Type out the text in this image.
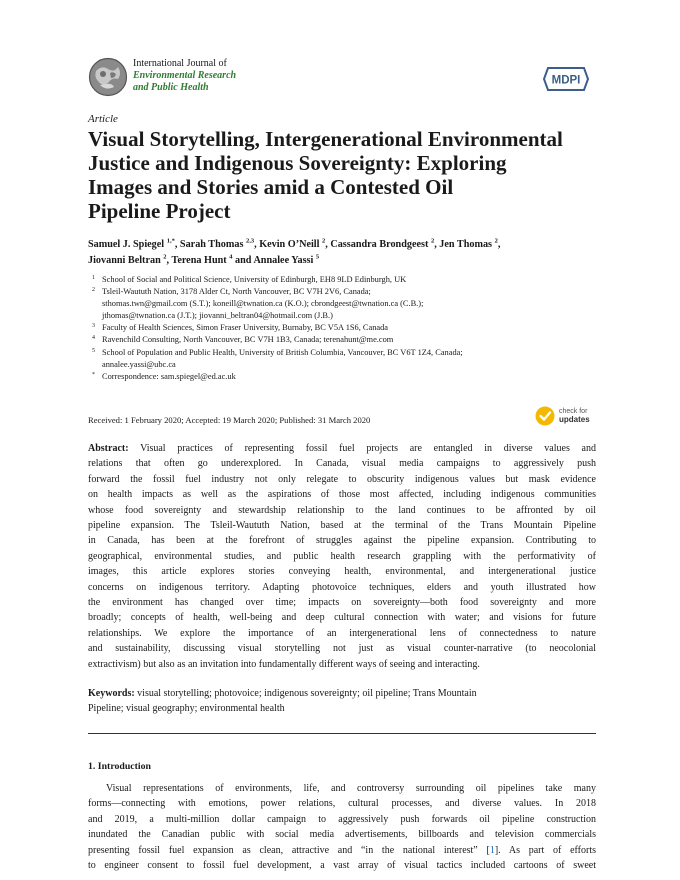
International Journal of
Environmental Research
and Public Health
MDPI
Article
Visual Storytelling, Intergenerational Environmental
Justice and Indigenous Sovereignty: Exploring
Images and Stories amid a Contested Oil
Pipeline Project
Samuel J. Spiegel $^{1,*}$, Sarah Thomas $^{2,3}$, Kevin O’Neill $^2$, Cassandra Brondgeest $^2$, Jen Thomas $^2$,
Jiovanni Beltran $^2$, Terena Hunt $^4$ and Annalee Yassi $^5$
1 School of Social and Political Science, University of Edinburgh, EH8 9LD Edinburgh, UK
2 Tsleil-Waututh Nation, 3178 Alder Ct, North Vancouver, BC V7H 2V6, Canada;
sthomas.twn@gmail.com (S.T.); koneill@twnation.ca (K.O.); cbrondgeest@twnation.ca (C.B.);
jthomas@twnation.ca (J.T.); jiovanni_beltran04@hotmail.com (J.B.)
3 Faculty of Health Sciences, Simon Fraser University, Burnaby, BC V5A 1S6, Canada
4 Ravenchild Consulting, North Vancouver, BC V7H 1B3, Canada; terenahunt@me.com
5 School of Population and Public Health, University of British Columbia, Vancouver, BC V6T 1Z4, Canada;
annalee.yassi@ubc.ca
* Correspondence: sam.spiegel@ed.ac.uk
Received: 1 February 2020; Accepted: 19 March 2020; Published: 31 March 2020
check for
updates
Abstract: Visual practices of representing fossil fuel projects are entangled in diverse values and
relations that often go underexplored. In Canada, visual media campaigns to aggressively push
forward the fossil fuel industry not only relegate to obscurity indigenous values but mask evidence
on health impacts as well as the aspirations of those most affected, including indigenous communities
whose food sovereignty and stewardship relationship to the land continues to be affronted by oil
pipeline expansion. The Tsleil-Waututh Nation, based at the terminal of the Trans Mountain Pipeline
in Canada, has been at the forefront of struggles against the pipeline expansion. Contributing to
geographical, environmental studies, and public health research grappling with the performativity of
images, this article explores stories conveying health, environmental, and intergenerational justice
concerns on indigenous territory. Adapting photovoice techniques, elders and youth illustrated how
the environment has changed over time; impacts on sovereignty—both food sovereignty and more
broadly; concepts of health, well-being and deep cultural connection with water; and visions for future
relationships. We explore the importance of an intergenerational lens of connectedness to nature
and sustainability, discussing visual storytelling not just as visual counter-narrative (to neocolonial
extractivism) but also as an invitation into fundamentally different ways of seeing and interacting.
Keywords: visual storytelling; photovoice; indigenous sovereignty; oil pipeline; Trans Mountain
Pipeline; visual geography; environmental health
1. Introduction
Visual representations of environments, life, and controversy surrounding oil pipelines take many
forms—connecting with emotions, power relations, cultural processes, and diverse values. In 2018
and 2019, a multi-million dollar campaign to aggressively push forwards oil pipeline construction
inundated the Canadian public with social media advertisements, billboards and television commercials
presenting fossil fuel expansion as clean, attractive and “in the national interest” [1]. As part of efforts
to engineer consent to fossil fuel development, a vast array of visual tactics included cartoons of sweet
